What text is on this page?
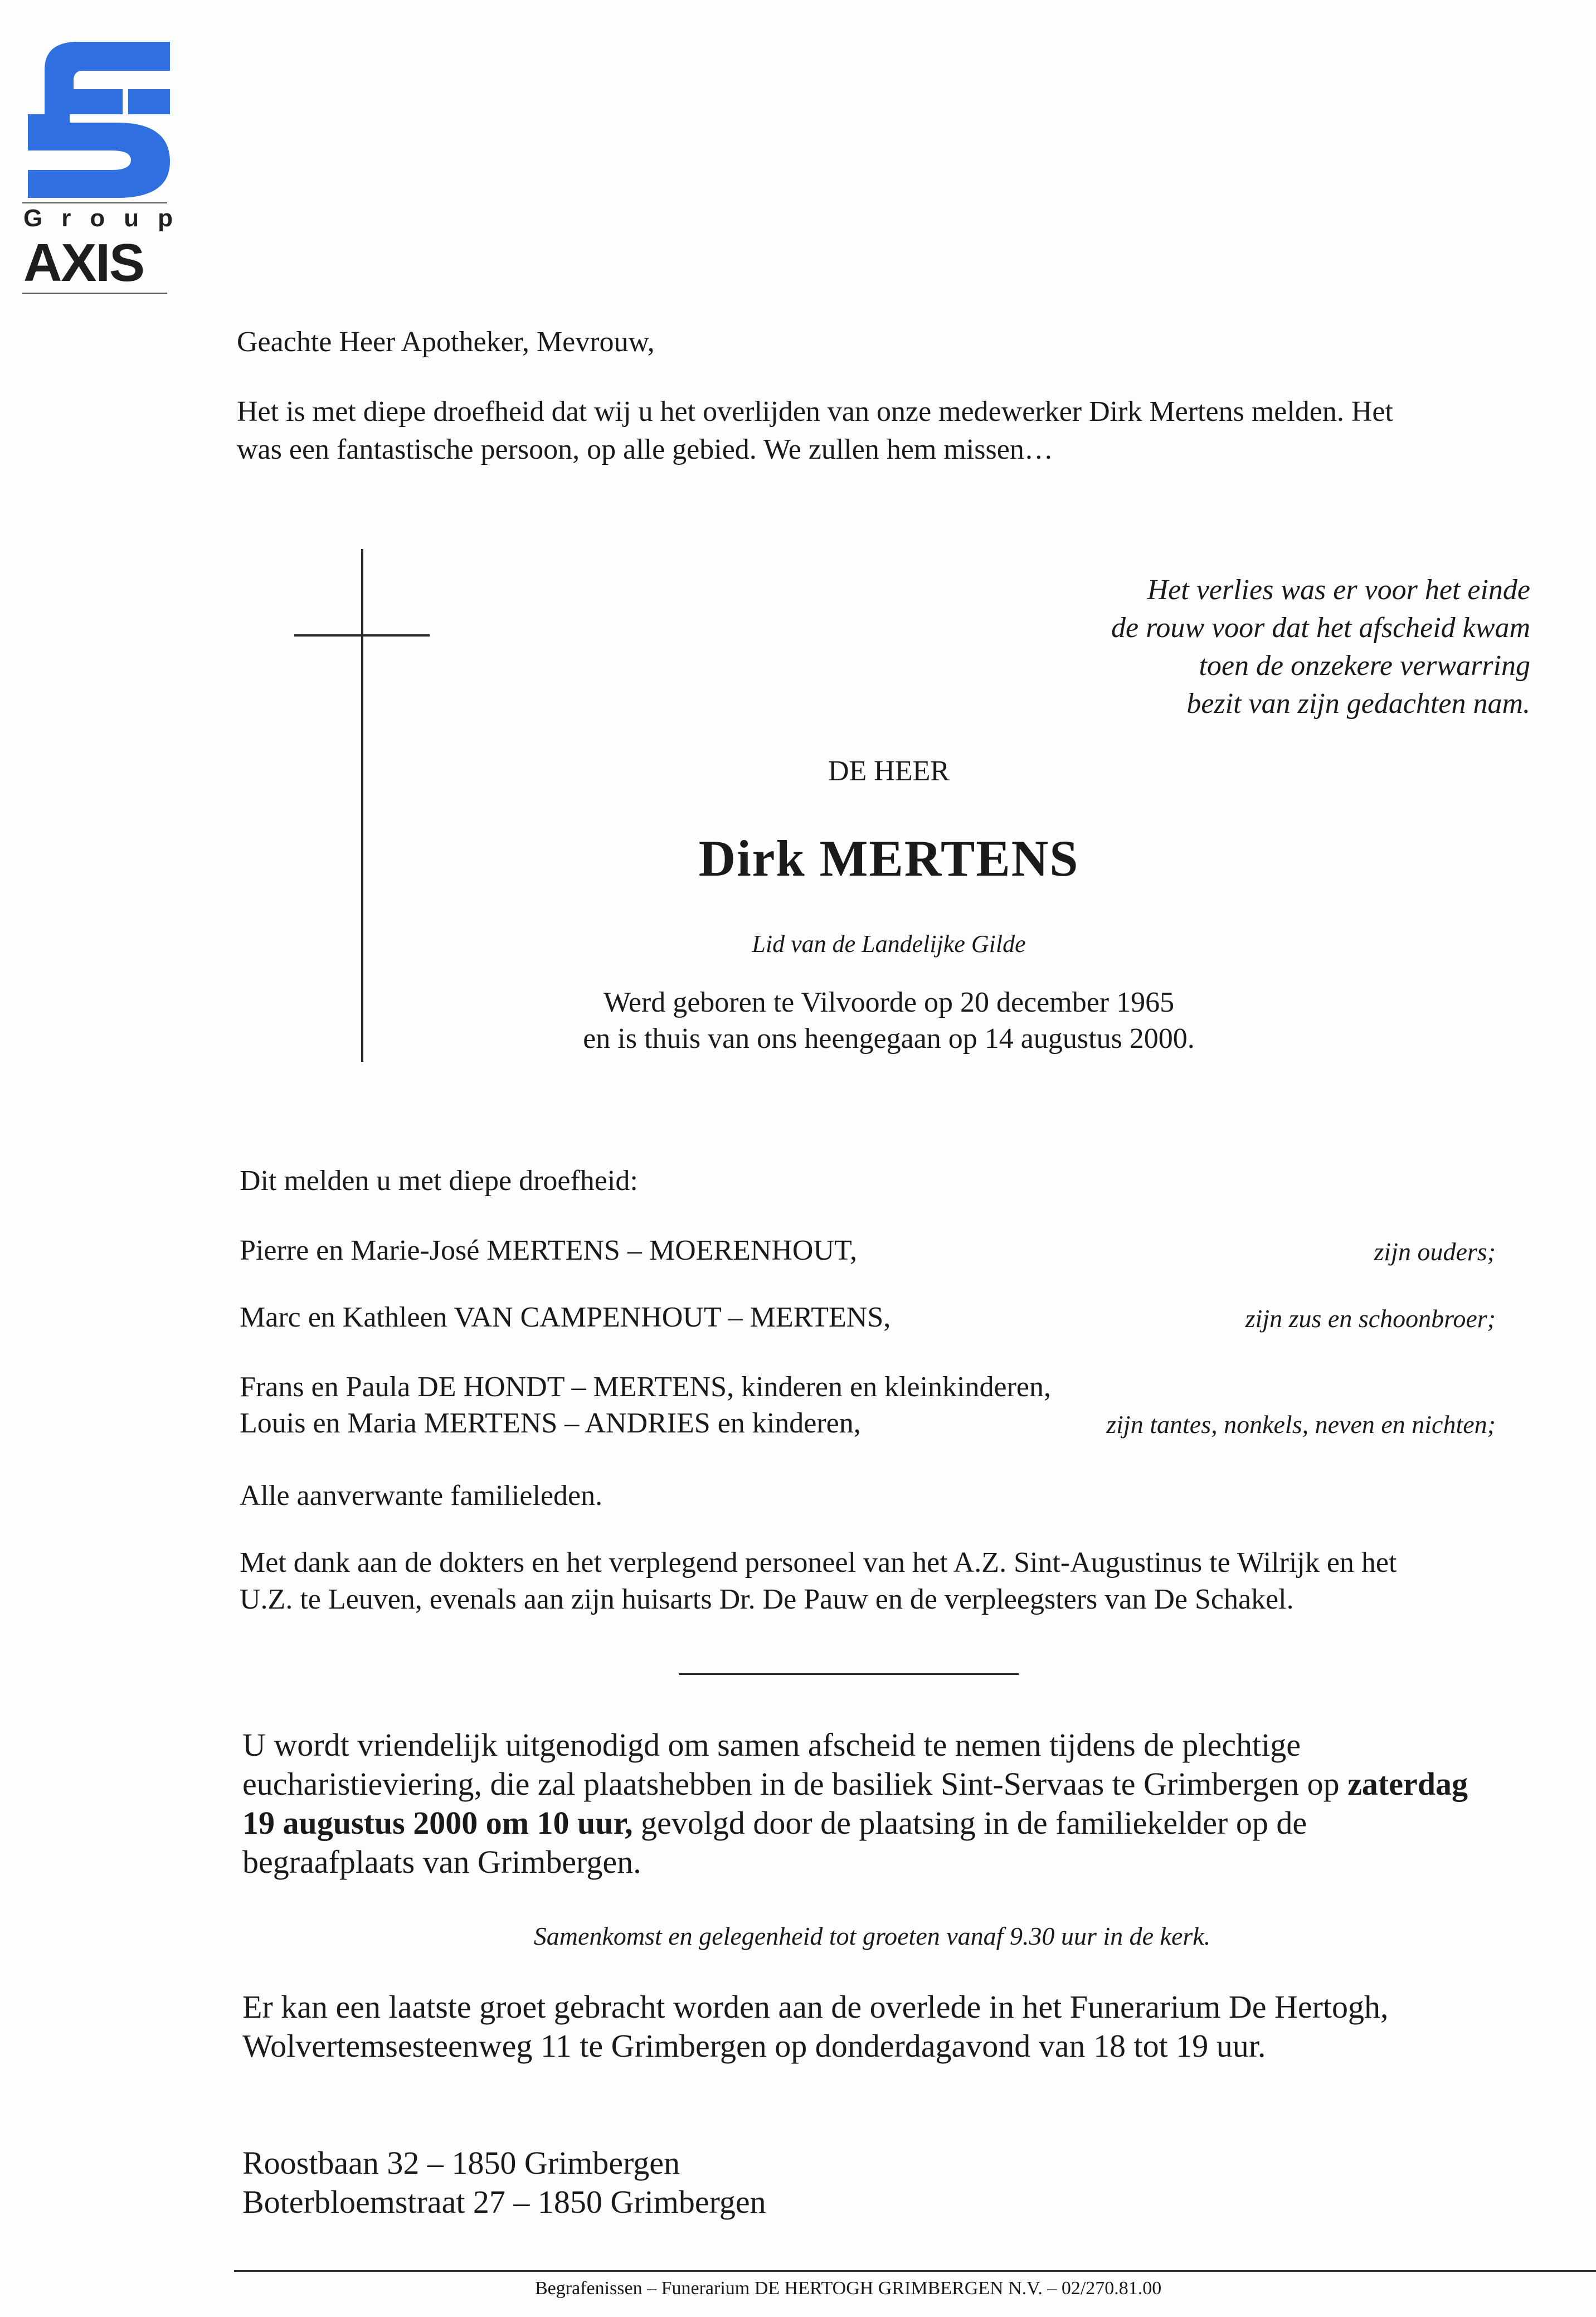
Group
AXIS

Geachte Heer Apotheker, Mevrouw,

Het is met diepe droefheid dat wij u het overlijden van onze medewerker Dirk Mertens melden. Het

was een fantastische persoon, op alle gebied. We zullen hem missen…

Het verlies was er voor het einde

de rouw voor dat het afscheid kwam

toen de onzekere verwarring

bezit van zijn gedachten nam.

DE HEER

Dirk MERTENS

Lid van de Landelijke Gilde

Werd geboren te Vilvoorde op 20 december 1965

en is thuis van ons heengegaan op 14 augustus 2000.

Dit melden u met diepe droefheid:

Pierre en Marie-José MERTENS – MOERENHOUT,	zijn ouders;

Marc en Kathleen VAN CAMPENHOUT – MERTENS,	zijn zus en schoonbroer;

Frans en Paula DE HONDT – MERTENS, kinderen en kleinkinderen,

Louis en Maria MERTENS – ANDRIES en kinderen,	zijn tantes, nonkels, neven en nichten;

Alle aanverwante familieleden.

Met dank aan de dokters en het verplegend personeel van het A.Z. Sint-Augustinus te Wilrijk en het

U.Z. te Leuven, evenals aan zijn huisarts Dr. De Pauw en de verpleegsters van De Schakel.

U wordt vriendelijk uitgenodigd om samen afscheid te nemen tijdens de plechtige

eucharistieviering, die zal plaatshebben in de basiliek Sint-Servaas te Grimbergen op zaterdag

19 augustus 2000 om 10 uur, gevolgd door de plaatsing in de familiekelder op de

begraafplaats van Grimbergen.

Samenkomst en gelegenheid tot groeten vanaf 9.30 uur in de kerk.

Er kan een laatste groet gebracht worden aan de overlede in het Funerarium De Hertogh,

Wolvertemsesteenweg 11 te Grimbergen op donderdagavond van 18 tot 19 uur.

Roostbaan 32 – 1850 Grimbergen

Boterbloemstraat 27 – 1850 Grimbergen

Begrafenissen – Funerarium DE HERTOGH GRIMBERGEN N.V. – 02/270.81.00
